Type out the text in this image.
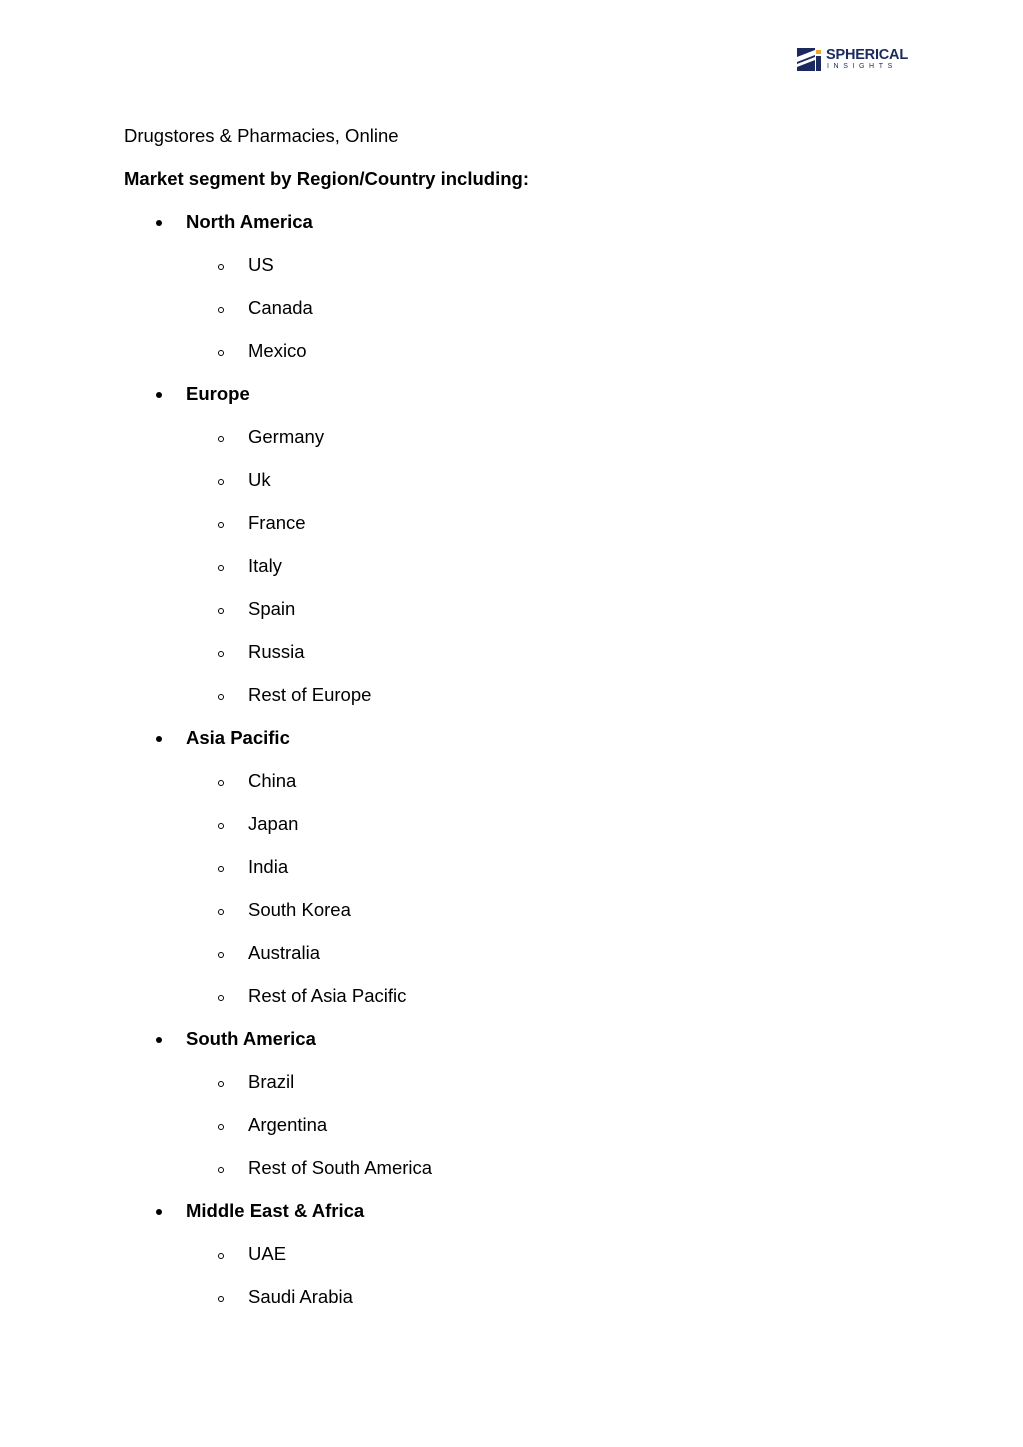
SPHERICAL
INSIGHTS
Drugstores & Pharmacies, Online
Market segment by Region/Country including:
North America
US
Canada
Mexico
Europe
Germany
Uk
France
Italy
Spain
Russia
Rest of Europe
Asia Pacific
China
Japan
India
South Korea
Australia
Rest of Asia Pacific
South America
Brazil
Argentina
Rest of South America
Middle East & Africa
UAE
Saudi Arabia
